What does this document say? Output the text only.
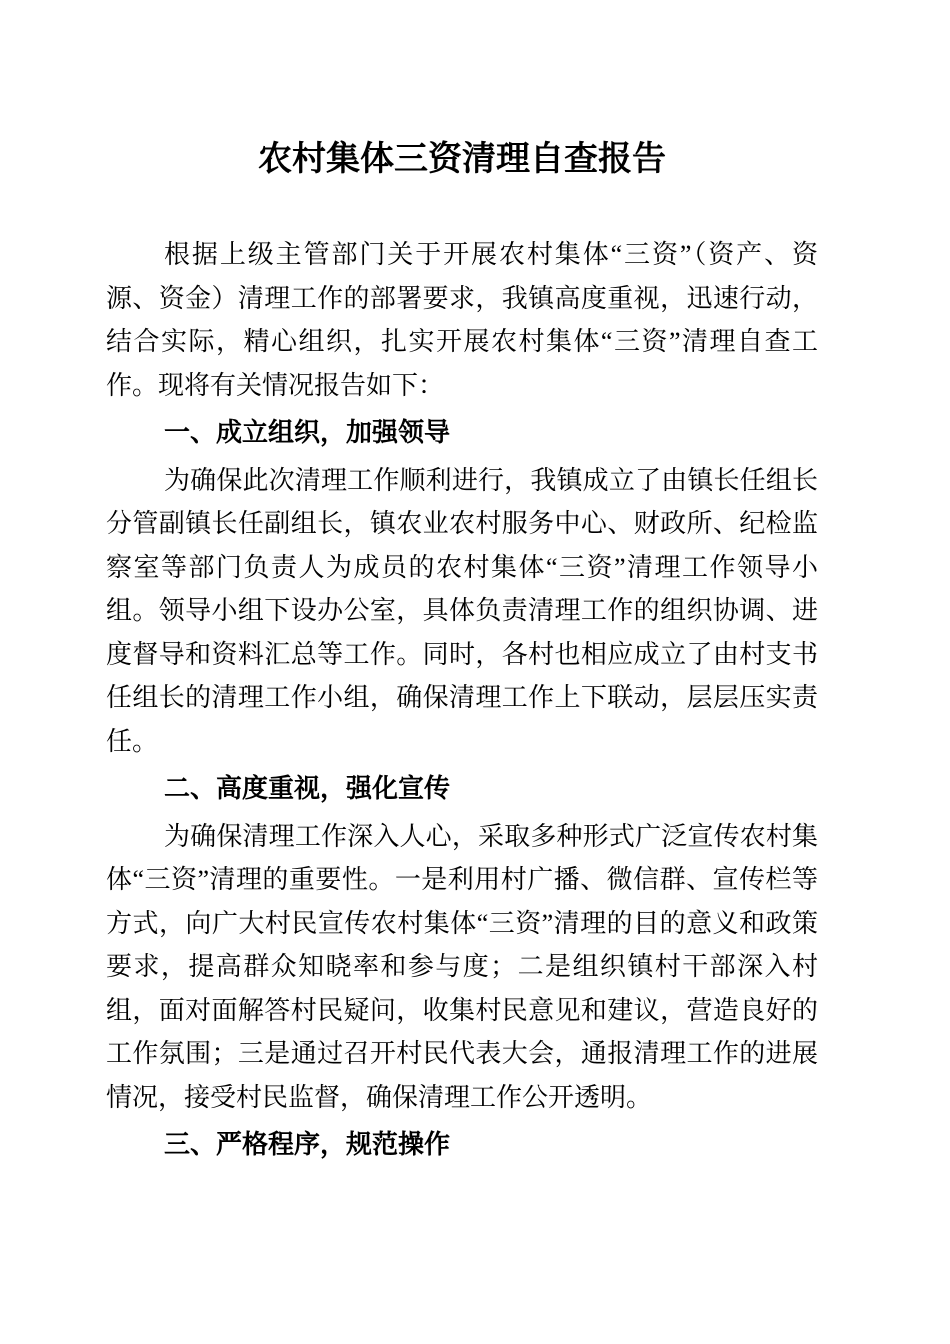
农村集体三资清理自查报告

根据上级主管部门关于开展农村集体“三资”（资产、资源、资金）清理工作的部署要求，我镇高度重视，迅速行动，结合实际，精心组织，扎实开展农村集体“三资”清理自查工作。现将有关情况报告如下：

一、成立组织，加强领导

为确保此次清理工作顺利进行，我镇成立了由镇长任组长分管副镇长任副组长，镇农业农村服务中心、财政所、纪检监察室等部门负责人为成员的农村集体“三资”清理工作领导小组。领导小组下设办公室，具体负责清理工作的组织协调、进度督导和资料汇总等工作。同时，各村也相应成立了由村支书任组长的清理工作小组，确保清理工作上下联动，层层压实责任。

二、高度重视，强化宣传

为确保清理工作深入人心，采取多种形式广泛宣传农村集体“三资”清理的重要性。一是利用村广播、微信群、宣传栏等方式，向广大村民宣传农村集体“三资”清理的目的意义和政策要求，提高群众知晓率和参与度；二是组织镇村干部深入村组，面对面解答村民疑问，收集村民意见和建议，营造良好的工作氛围；三是通过召开村民代表大会，通报清理工作的进展情况，接受村民监督，确保清理工作公开透明。

三、严格程序，规范操作
